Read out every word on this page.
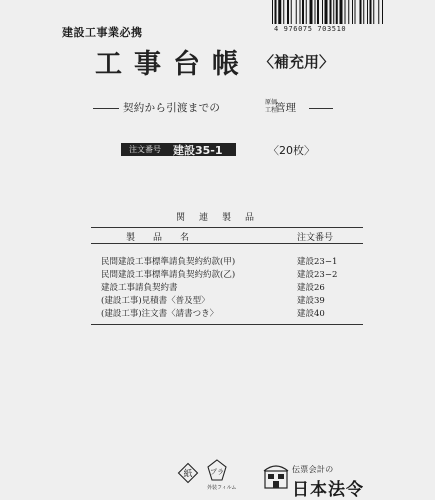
4 976075 703510
建設工事業必携
工事台帳 〈補充用〉
契約から引渡までの	原価
工程
管理
注文番号 建設35-1	〈20枚〉
関連製品
製品名	注文番号
民間建設工事標準請負契約約款(甲)	建設23−1
民間建設工事標準請負契約約款(乙)	建設23−2
建設工事請負契約書	建設26
(建設工事)見積書〈普及型〉	建設39
(建設工事)注文書〈請書つき〉	建設40
紙 プラ
外装フィルム
伝票会計の
日本法令
